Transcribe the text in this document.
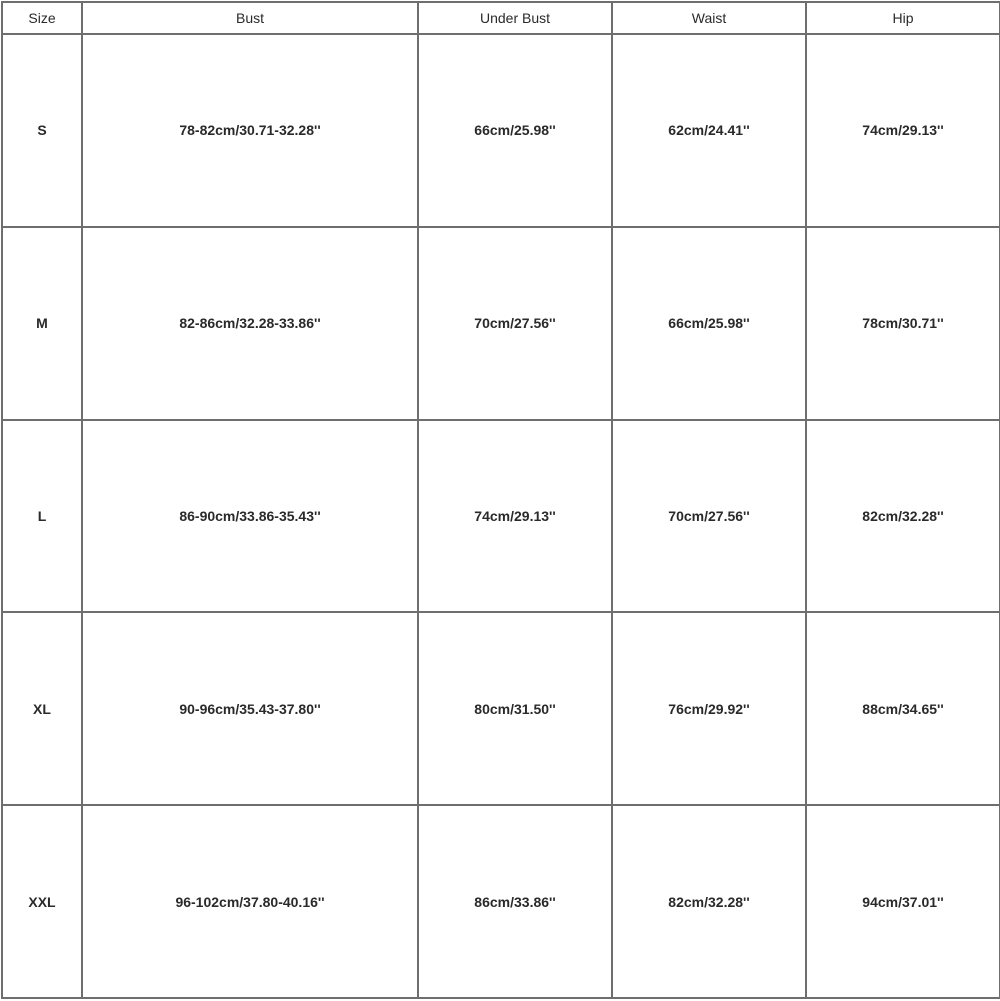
Size	Bust	Under Bust	Waist	Hip
S	78-82cm/30.71-32.28''	66cm/25.98''	62cm/24.41''	74cm/29.13''
M	82-86cm/32.28-33.86''	70cm/27.56''	66cm/25.98''	78cm/30.71''
L	86-90cm/33.86-35.43''	74cm/29.13''	70cm/27.56''	82cm/32.28''
XL	90-96cm/35.43-37.80''	80cm/31.50''	76cm/29.92''	88cm/34.65''
XXL	96-102cm/37.80-40.16''	86cm/33.86''	82cm/32.28''	94cm/37.01''
